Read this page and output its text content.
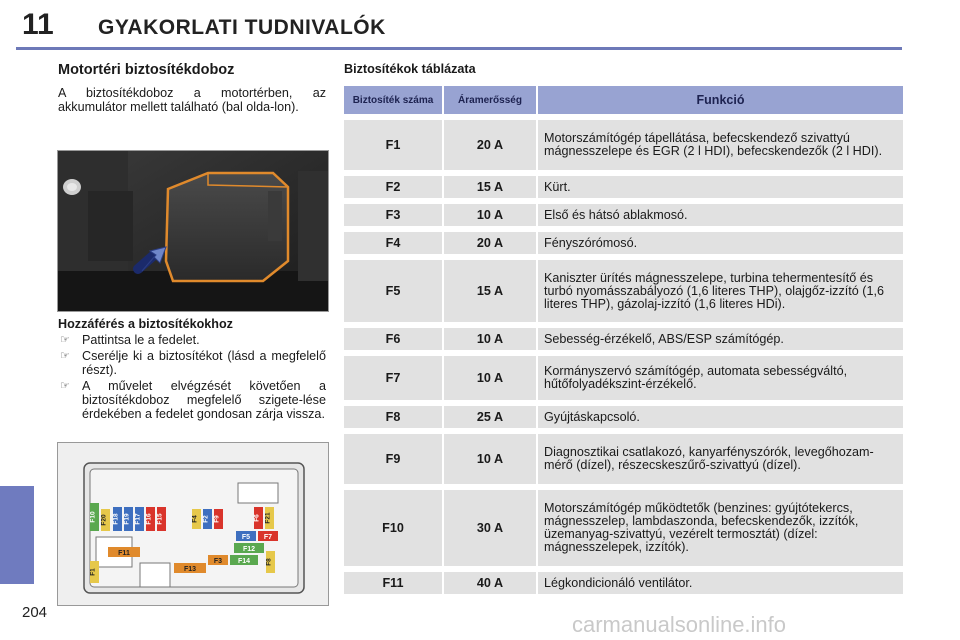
11 GYAKORLATI TUDNIVALÓK
204	carmanualsonline.info
Motortéri biztosítékdoboz
A biztosítékdoboz a motortérben, az akkumulátor mellett található (bal olda-lon).
Hozzáférés a biztosítékokhoz
☞ Pattintsa le a fedelet.
☞ Cserélje ki a biztosítékot (lásd a megfelelő részt).
☞ A művelet elvégzését követően a biztosítékdoboz megfelelő szigete-lése érdekében a fedelet gondosan zárja vissza.
F10 F20 F18 F19 F17 F16 F15	F4 F2 F9	F6 F21
F5 F7
F12
F11
F3 F14 F8
F1	F13
Biztosítékok táblázata
Biztosíték száma	Áramerősség	Funkció

F1	20 A	Motorszámítógép tápellátása, befecskendező szivattyú mágnesszelepe és EGR (2 l HDI), befecskendezők (2 l HDI).

F2	15 A	Kürt.

F3	10 A	Első és hátsó ablakmosó.

F4	20 A	Fényszórómosó.

F5	15 A	Kaniszter ürítés mágnesszelepe, turbina tehermentesítő és turbó nyomásszabályozó (1,6 literes THP), olajgőz-izzító (1,6 literes THP), gázolaj-izzító (1,6 literes HDi).

F6	10 A	Sebesség-érzékelő, ABS/ESP számítógép.

F7	10 A	Kormányszervó számítógép, automata sebességváltó, hűtőfolyadékszint-érzékelő.

F8	25 A	Gyújtáskapcsoló.

F9	10 A	Diagnosztikai csatlakozó, kanyarfényszórók, levegőhozam-mérő (dízel), részecskeszűrő-szivattyú (dízel).

F10	30 A	Motorszámítógép működtetők (benzines: gyújtótekercs, mágnesszelep, lambdaszonda, befecskendezők, izzítók, üzemanyag-szivattyú, vezérelt termosztát) (dízel: mágnesszelepek, izzítók).

F11	40 A	Légkondicionáló ventilátor.
